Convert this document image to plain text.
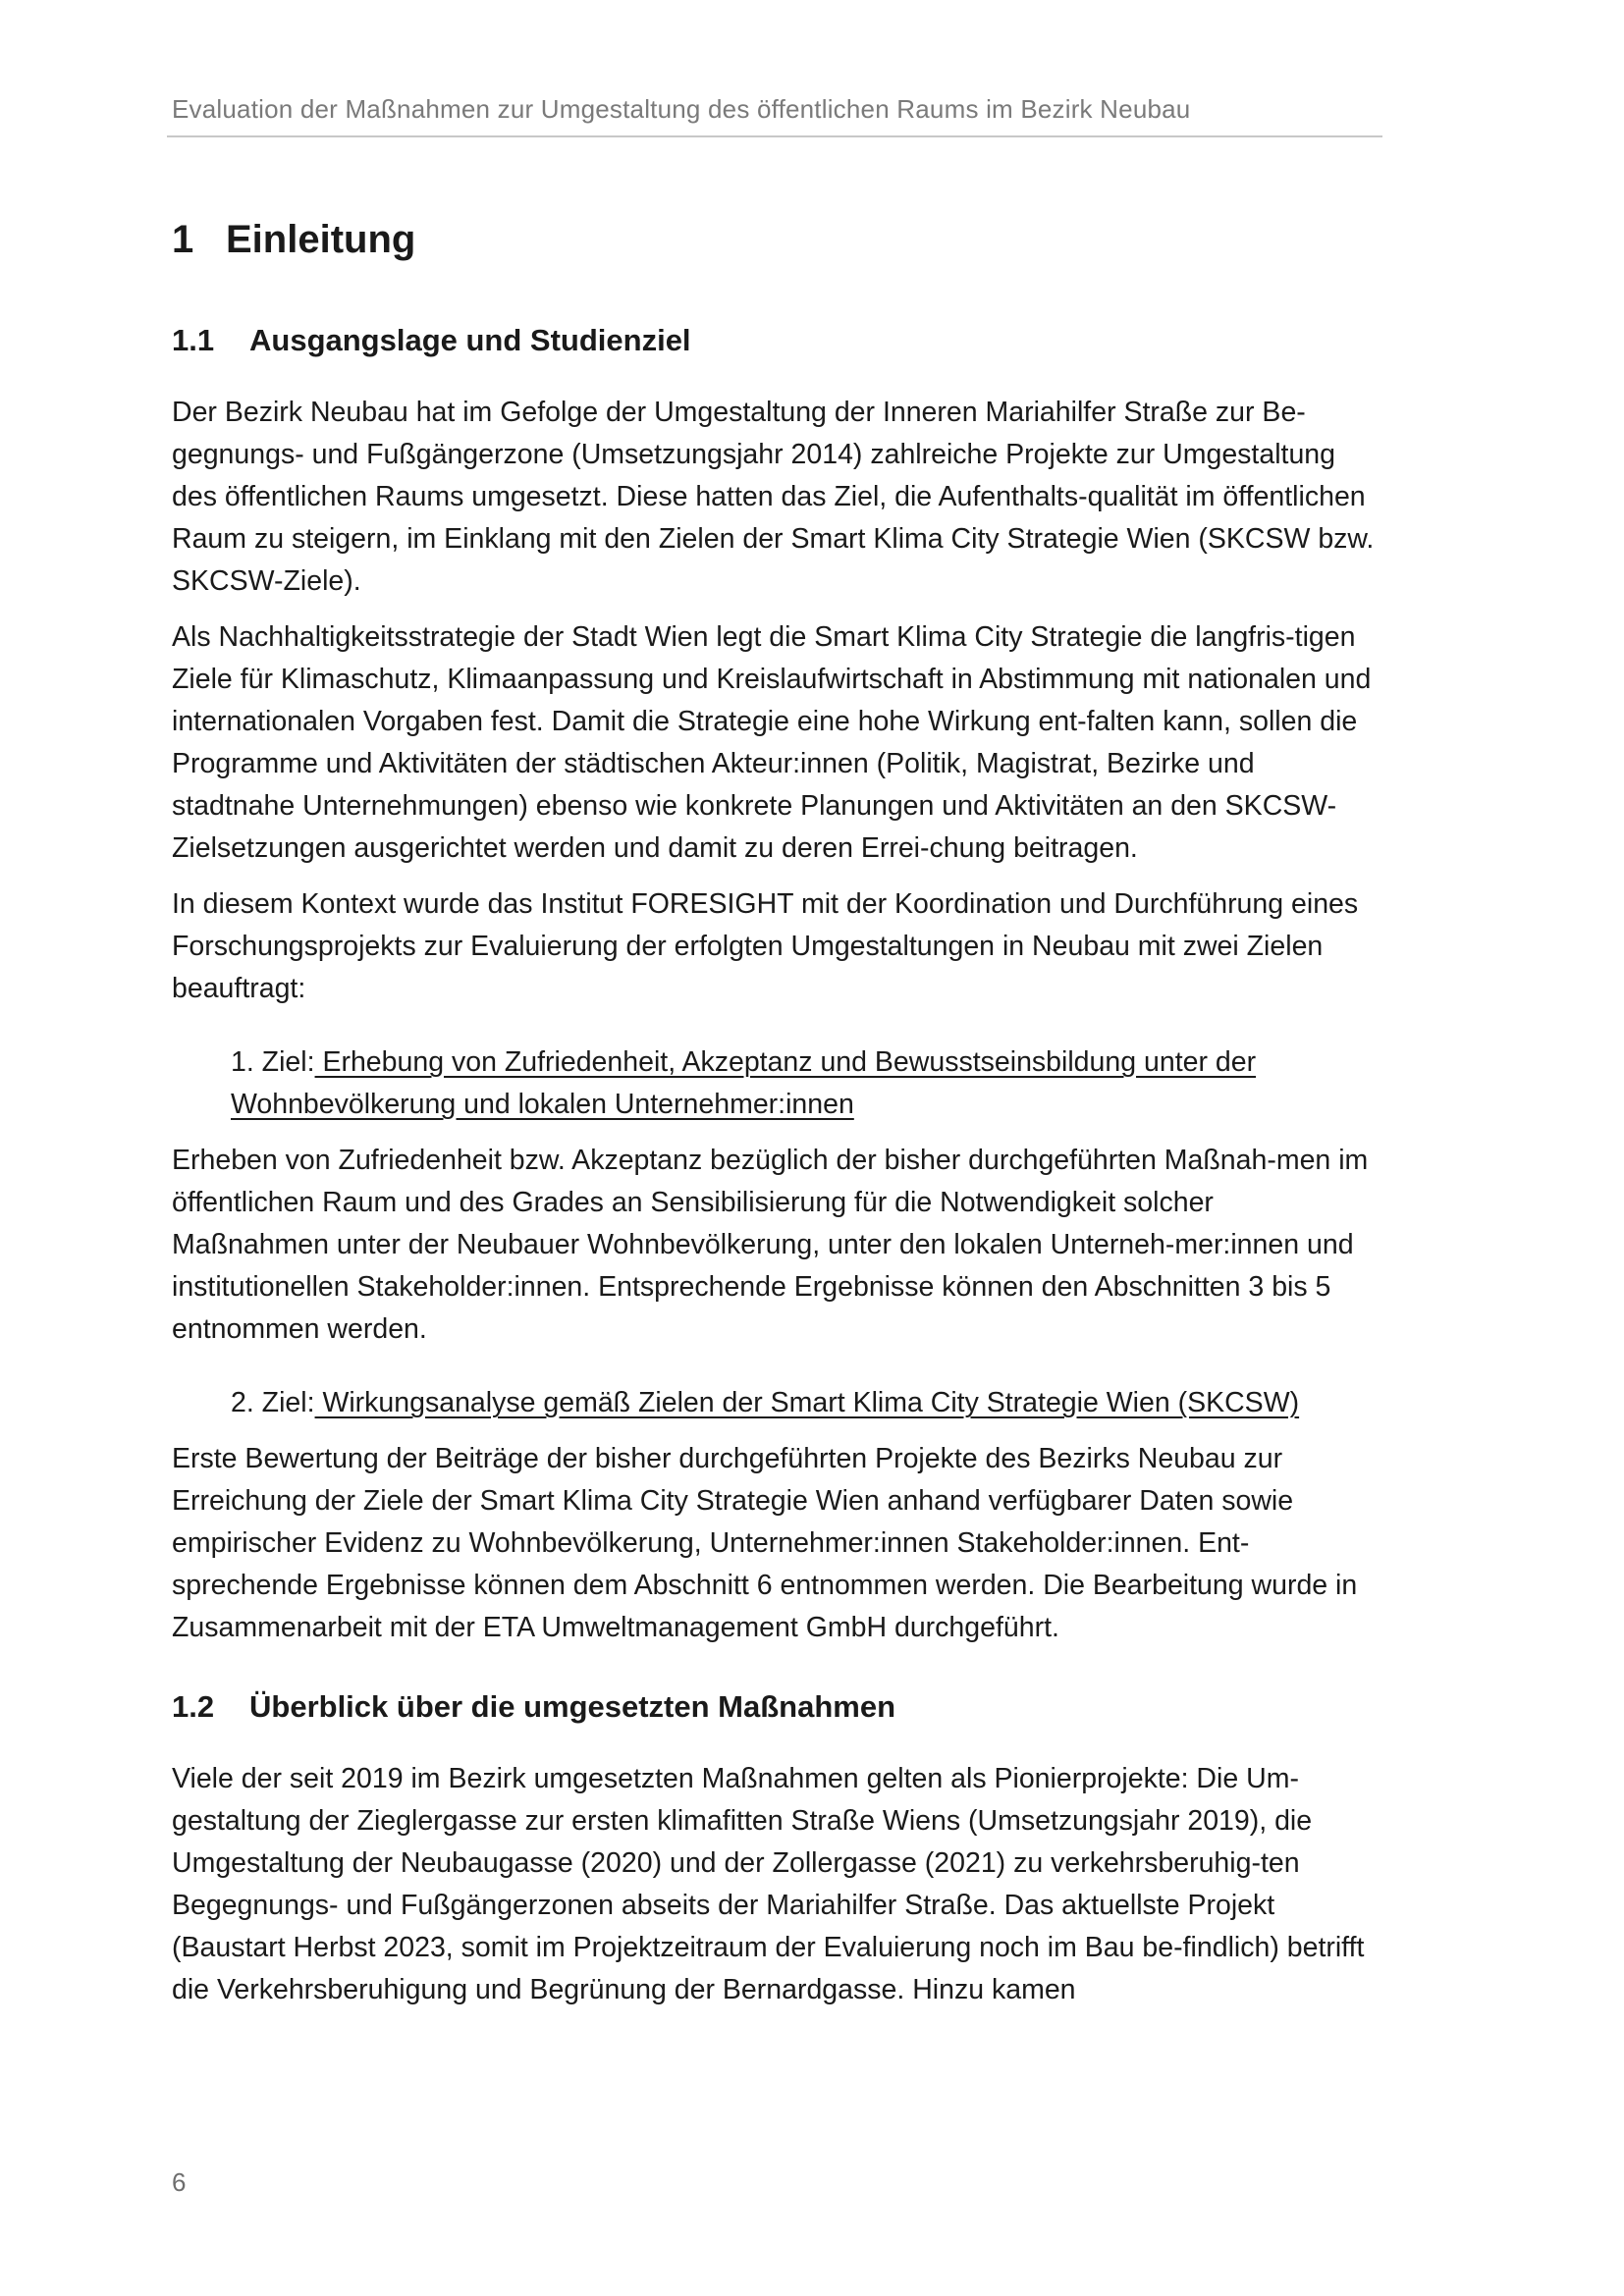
Evaluation der Maßnahmen zur Umgestaltung des öffentlichen Raums im Bezirk Neubau
1 Einleitung
1.1 Ausgangslage und Studienziel

Der Bezirk Neubau hat im Gefolge der Umgestaltung der Inneren Mariahilfer Straße zur Be-gegnungs- und Fußgängerzone (Umsetzungsjahr 2014) zahlreiche Projekte zur Umgestaltung des öffentlichen Raums umgesetzt. Diese hatten das Ziel, die Aufenthalts-qualität im öffentlichen Raum zu steigern, im Einklang mit den Zielen der Smart Klima City Strategie Wien (SKCSW bzw. SKCSW-Ziele).

Als Nachhaltigkeitsstrategie der Stadt Wien legt die Smart Klima City Strategie die langfris-tigen Ziele für Klimaschutz, Klimaanpassung und Kreislaufwirtschaft in Abstimmung mit nationalen und internationalen Vorgaben fest. Damit die Strategie eine hohe Wirkung ent-falten kann, sollen die Programme und Aktivitäten der städtischen Akteur:innen (Politik, Magistrat, Bezirke und stadtnahe Unternehmungen) ebenso wie konkrete Planungen und Aktivitäten an den SKCSW-Zielsetzungen ausgerichtet werden und damit zu deren Errei-chung beitragen.

In diesem Kontext wurde das Institut FORESIGHT mit der Koordination und Durchführung eines Forschungsprojekts zur Evaluierung der erfolgten Umgestaltungen in Neubau mit zwei Zielen beauftragt:

1. Ziel: Erhebung von Zufriedenheit, Akzeptanz und Bewusstseinsbildung unter der Wohnbevölkerung und lokalen Unternehmer:innen

Erheben von Zufriedenheit bzw. Akzeptanz bezüglich der bisher durchgeführten Maßnah-men im öffentlichen Raum und des Grades an Sensibilisierung für die Notwendigkeit solcher Maßnahmen unter der Neubauer Wohnbevölkerung, unter den lokalen Unterneh-mer:innen und institutionellen Stakeholder:innen. Entsprechende Ergebnisse können den Abschnitten 3 bis 5 entnommen werden.

2. Ziel: Wirkungsanalyse gemäß Zielen der Smart Klima City Strategie Wien (SKCSW)

Erste Bewertung der Beiträge der bisher durchgeführten Projekte des Bezirks Neubau zur Erreichung der Ziele der Smart Klima City Strategie Wien anhand verfügbarer Daten sowie empirischer Evidenz zu Wohnbevölkerung, Unternehmer:innen Stakeholder:innen. Ent-sprechende Ergebnisse können dem Abschnitt 6 entnommen werden. Die Bearbeitung wurde in Zusammenarbeit mit der ETA Umweltmanagement GmbH durchgeführt.

1.2 Überblick über die umgesetzten Maßnahmen

Viele der seit 2019 im Bezirk umgesetzten Maßnahmen gelten als Pionierprojekte: Die Um-gestaltung der Zieglergasse zur ersten klimafitten Straße Wiens (Umsetzungsjahr 2019), die Umgestaltung der Neubaugasse (2020) und der Zollergasse (2021) zu verkehrsberuhig-ten Begegnungs- und Fußgängerzonen abseits der Mariahilfer Straße. Das aktuellste Projekt (Baustart Herbst 2023, somit im Projektzeitraum der Evaluierung noch im Bau be-findlich) betrifft die Verkehrsberuhigung und Begrünung der Bernardgasse. Hinzu kamen

6
